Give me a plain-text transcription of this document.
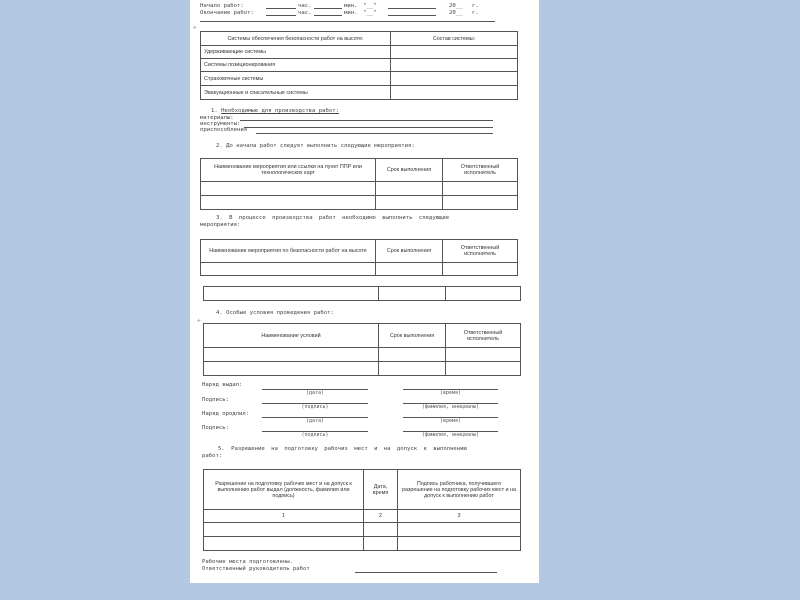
Начало работ:	час.	мин. "__"	20__ г.
Окончание работ:	час.	мин. "__"	20__ г.
✛
Системы обеспечения безопасности работ на высоте:	Состав системы:
Удерживающие системы	
Системы позиционирования	
Страховочные системы	
Эвакуационные и спасательные системы	
1. Необходимые для производства работ:
материалы:
инструменты:
приспособления
2. До начала работ следует выполнить следующие мероприятия:
Наименование мероприятия или ссылки на пункт ППР или технологических карт	Срок выполнения	Ответственный исполнитель

3. В процессе производства работ необходимо выполнить следующие
мероприятия:
Наименование мероприятия по безопасности работ на высоте	Срок выполнения	Ответственный исполнитель

4. Особые условия проведения работ:
✛
Наименование условий	Срок выполнения	Ответственный исполнитель

Наряд выдал:
(дата)	(время)
Подпись:
(подпись)	(фамилия, инициалы)
Наряд продлил:
(дата)	(время)
Подпись:
(подпись)	(фамилия, инициалы)
5. Разрешение на подготовку рабочих мест и на допуск к выполнению
работ:
Разрешение на подготовку рабочих мест и на допуск к выполнению работ выдал (должность, фамилия или подпись)	Дата, время	Подпись работника, получившего разрешение на подготовку рабочих мест и на допуск к выполнению работ
1	2	3

Рабочие места подготовлены.
Ответственный руководитель работ
